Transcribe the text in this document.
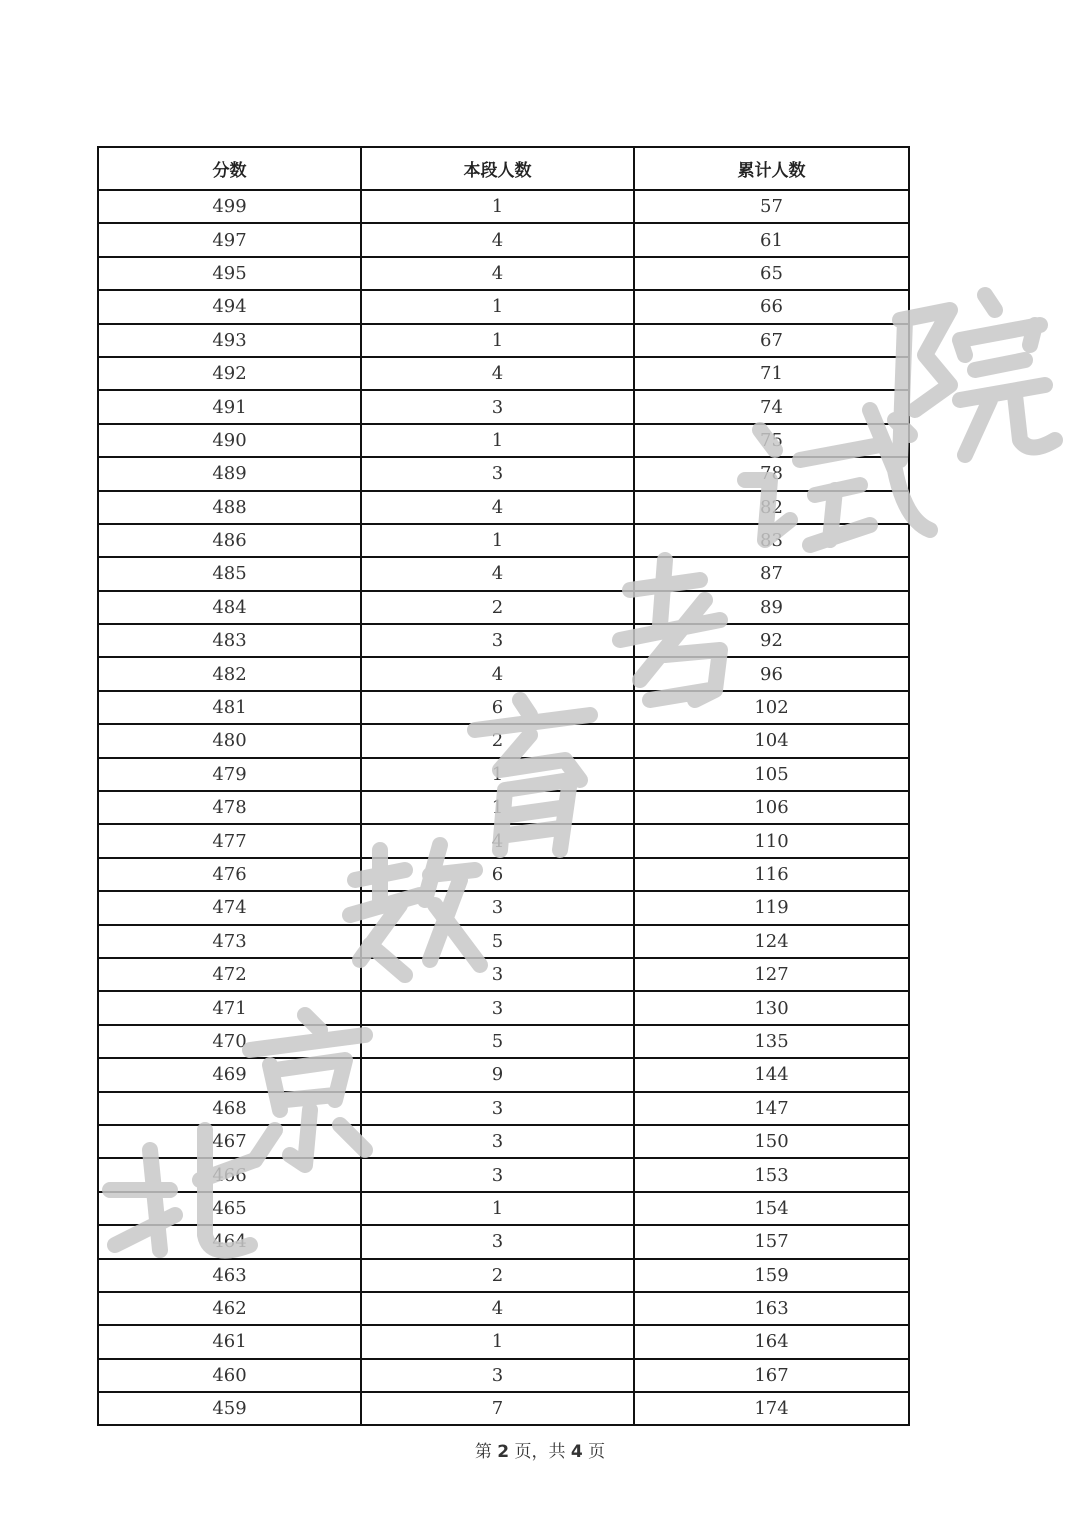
分数	本段人数	累计人数
499	1	57
497	4	61
495	4	65
494	1	66
493	1	67
492	4	71
491	3	74
490	1	75
489	3	78
488	4	82
486	1	83
485	4	87
484	2	89
483	3	92
482	4	96
481	6	102
480	2	104
479	1	105
478	1	106
477	4	110
476	6	116
474	3	119
473	5	124
472	3	127
471	3	130
470	5	135
469	9	144
468	3	147
467	3	150
466	3	153
465	1	154
464	3	157
463	2	159
462	4	163
461	1	164
460	3	167
459	7	174
第 2 页，共 4 页
